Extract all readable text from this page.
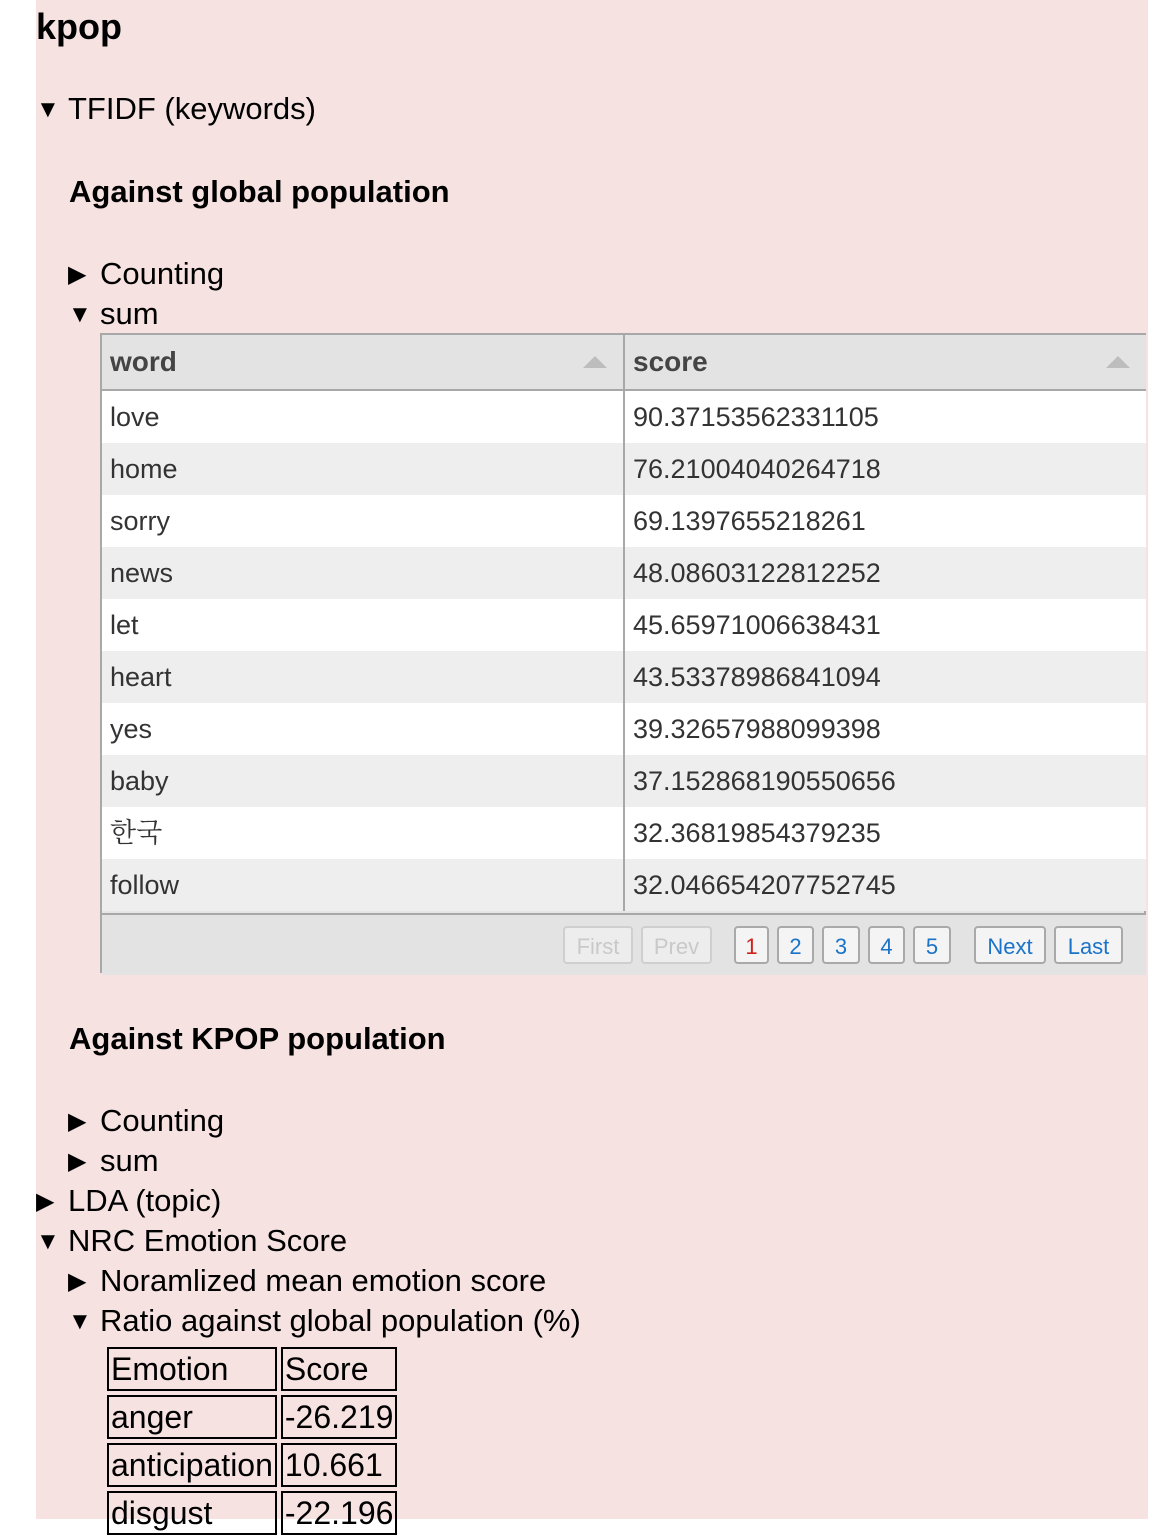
kpop
▼ TFIDF (keywords)
Against global population
▶ Counting
▼ sum
word	score
love	90.37153562331105
home	76.21004040264718
sorry	69.1397655218261
news	48.08603122812252
let	45.65971006638431
heart	43.53378986841094
yes	39.32657988099398
baby	37.152868190550656
한국	32.36819854379235
follow	32.046654207752745
First	Prev	1	2	3	4	5	Next	Last
Against KPOP population
▶ Counting
▶ sum
▶ LDA (topic)
▼ NRC Emotion Score
▶ Noramlized mean emotion score
▼ Ratio against global population (%)
Emotion	Score
anger	-26.219
anticipation	10.661
disgust	-22.196
